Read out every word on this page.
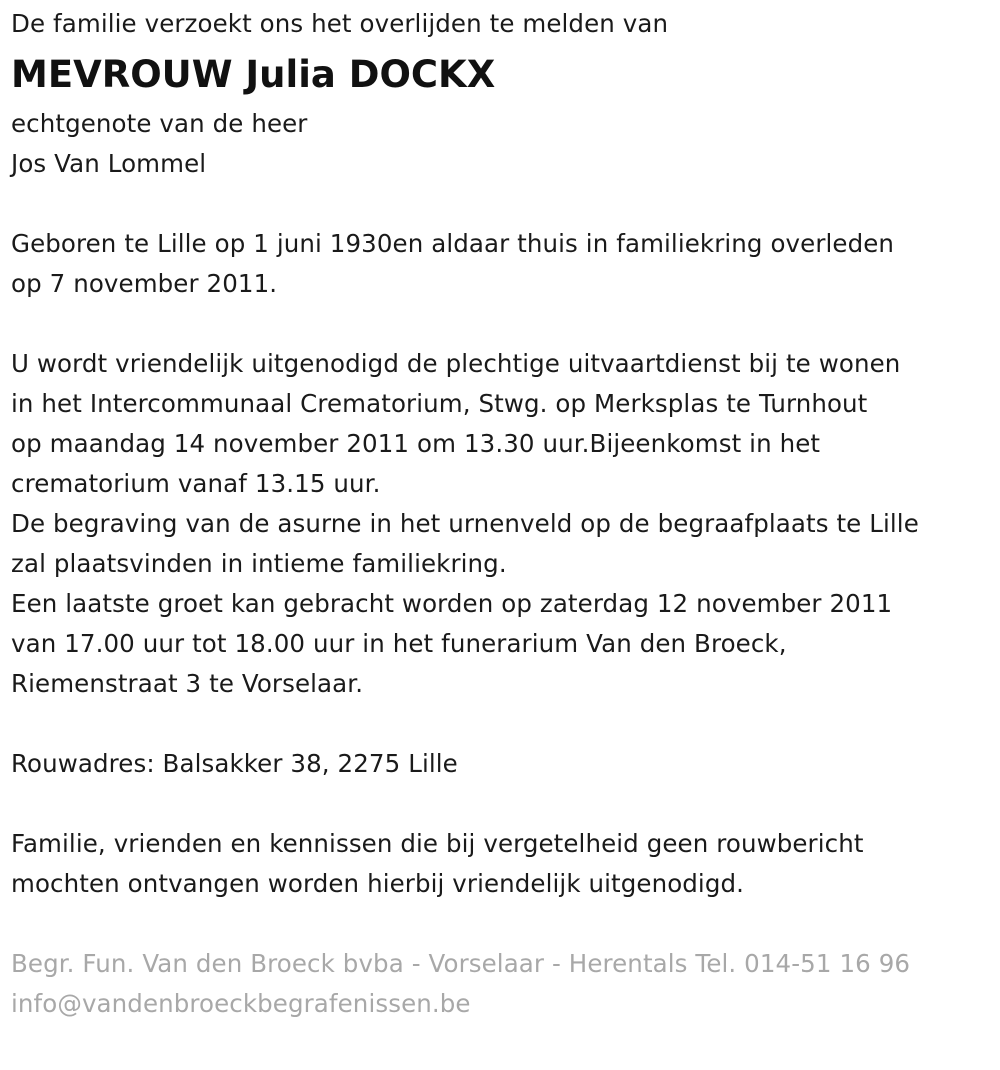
De familie verzoekt ons het overlijden te melden van
MEVROUW Julia DOCKX
echtgenote van de heer
Jos Van Lommel
Geboren te Lille op 1 juni 1930en aldaar thuis in familiekring overleden
op 7 november 2011.
U wordt vriendelijk uitgenodigd de plechtige uitvaartdienst bij te wonen
in het Intercommunaal Crematorium, Stwg. op Merksplas te Turnhout
op maandag 14 november 2011 om 13.30 uur.Bijeenkomst in het
crematorium vanaf 13.15 uur.
De begraving van de asurne in het urnenveld op de begraafplaats te Lille
zal plaatsvinden in intieme familiekring.
Een laatste groet kan gebracht worden op zaterdag 12 november 2011
van 17.00 uur tot 18.00 uur in het funerarium Van den Broeck,
Riemenstraat 3 te Vorselaar.
Rouwadres: Balsakker 38, 2275 Lille
Familie, vrienden en kennissen die bij vergetelheid geen rouwbericht
mochten ontvangen worden hierbij vriendelijk uitgenodigd.
Begr. Fun. Van den Broeck bvba - Vorselaar - Herentals Tel. 014-51 16 96
info@vandenbroeckbegrafenissen.be
